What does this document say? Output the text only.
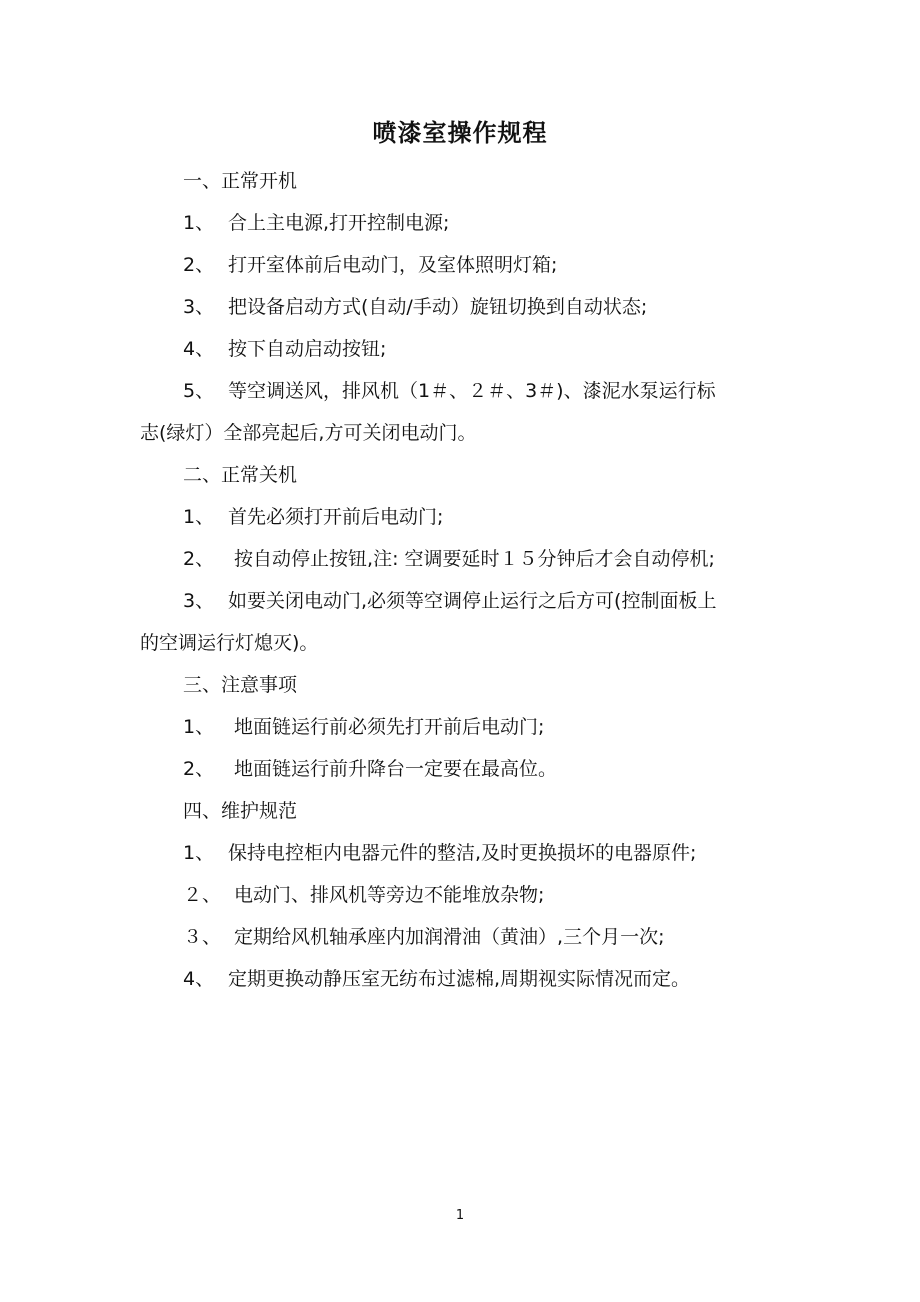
喷漆室操作规程
一、正常开机
1、 合上主电源,打开控制电源;
2、 打开室体前后电动门，及室体照明灯箱;
3、 把设备启动方式(自动/手动）旋钮切换到自动状态;
4、 按下自动启动按钮;
5、 等空调送风，排风机（1＃、２＃、3＃)、漆泥水泵运行标
志(绿灯）全部亮起后,方可关闭电动门。
二、正常关机
1、 首先必须打开前后电动门;
2、 按自动停止按钮,注: 空调要延时１５分钟后才会自动停机;
3、 如要关闭电动门,必须等空调停止运行之后方可(控制面板上
的空调运行灯熄灭)。
三、注意事项
1、 地面链运行前必须先打开前后电动门;
2、 地面链运行前升降台一定要在最高位。
四、维护规范
1、 保持电控柜内电器元件的整洁,及时更换损坏的电器原件;
２、 电动门、排风机等旁边不能堆放杂物;
３、 定期给风机轴承座内加润滑油（黄油）,三个月一次;
4、 定期更换动静压室无纺布过滤棉,周期视实际情况而定。
1
